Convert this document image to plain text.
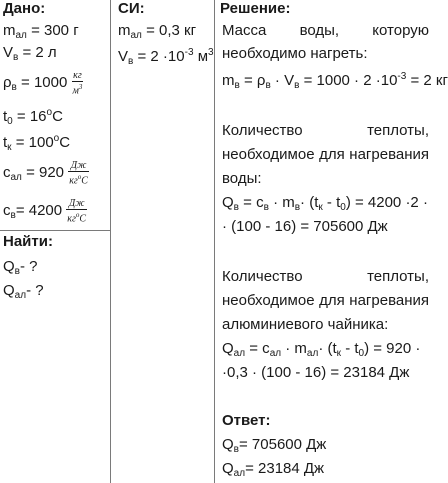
Дано:
$m_{ал} = 300$ г
$V_в = 2$ л
$\rho_в = 1000 \frac{кг}{м^3}$
$t_0 = 16^oC$
$t_к = 100^oC$
$c_{ал} = 920 \frac{Дж}{кг^oC}$
$c_в= 4200 \frac{Дж}{кг^oC}$
Найти:
$Q_в-$ ?
$Q_{ал}-$ ?
СИ:
$m_{ал} = 0,3$ кг
$V_в = 2 \cdot 10^{-3}$ $м^3$
Решение:
Масса воды, которую
необходимо нагреть:
$m_в = \rho_в \cdot V_в = 1000 \cdot 2 \cdot 10^{-3} = 2$ кг
Количество	теплоты,
необходимое для нагревания
воды:
$Q_в = c_в \cdot m_в\cdot (t_к - t_0) = 4200 \cdot 2$ ·
· (100 - 16) = 705600 Дж
Количество	теплоты,
необходимое для нагревания
алюминиевого чайника:
$Q_{ал} = c_{ал} \cdot m_{ал}\cdot (t_к - t_0) = 920$ ·
·0,3 · (100 - 16) = 23184 Дж
Ответ:
$Q_в= 705600$ Дж
$Q_{ал}= 23184$ Дж
